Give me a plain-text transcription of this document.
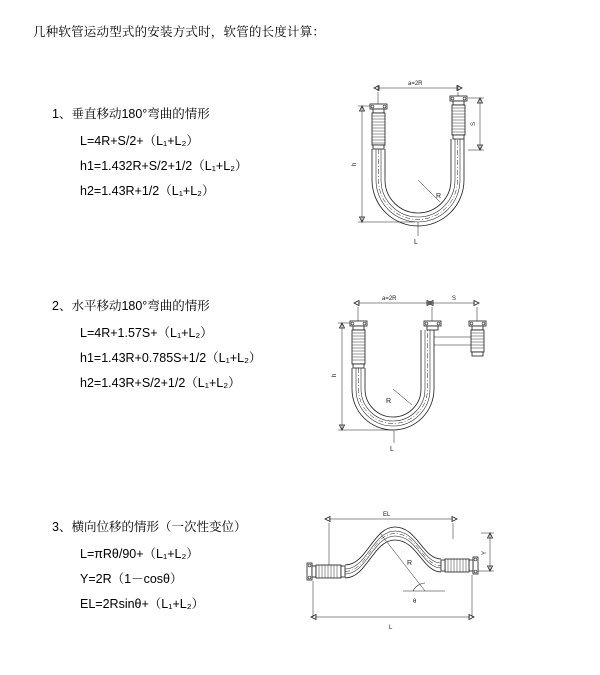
几种软管运动型式的安装方式时，软管的长度计算：
1、垂直移动180°弯曲的情形
L=4R+S/2+（L₁+L₂）
h1=1.432R+S/2+1/2（L₁+L₂）
h2=1.43R+1/2（L₁+L₂）
a=2R
R
L
h
S
2、水平移动180°弯曲的情形
L=4R+1.57S+（L₁+L₂）
h1=1.43R+0.785S+1/2（L₁+L₂）
h2=1.43R+S/2+1/2（L₁+L₂）
a=2R	S
R
h
L
3、横向位移的情形（一次性变位）
L=πRθ/90+（L₁+L₂）
Y=2R（1－cosθ）
EL=2Rsinθ+（L₁+L₂）
EL
R
θ
Y
L
